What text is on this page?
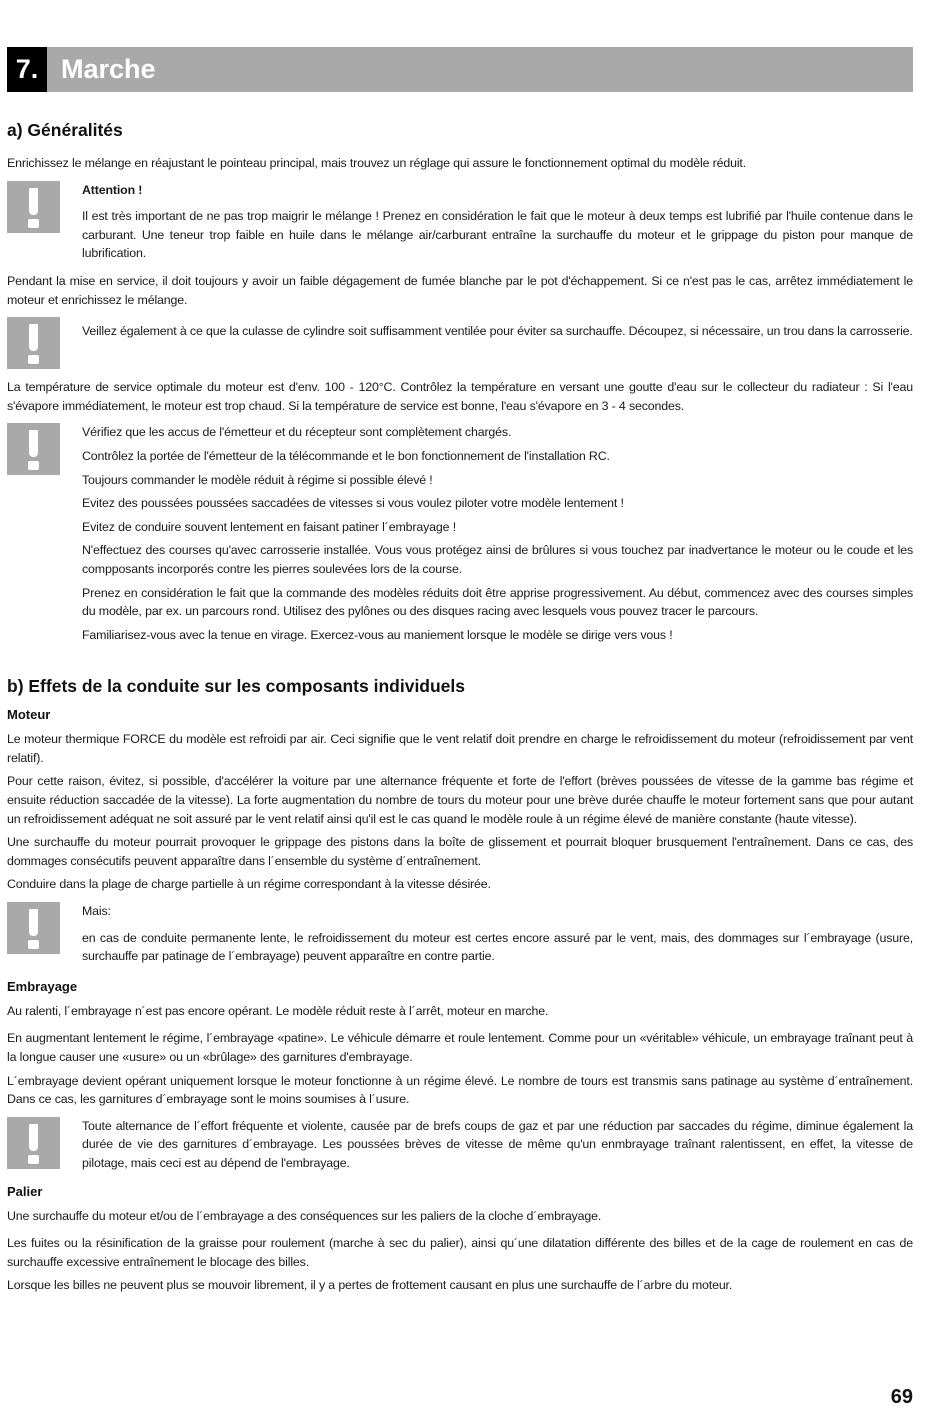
7. Marche
a) Généralités

Enrichissez le mélange en réajustant le pointeau principal, mais trouvez un réglage qui assure le fonctionnement optimal du modèle réduit.

Attention !

Il est très important de ne pas trop maigrir le mélange ! Prenez en considération le fait que le moteur à deux temps est lubrifié par l'huile contenue dans le carburant. Une teneur trop faible en huile dans le mélange air/carburant entraîne la surchauffe du moteur et le grippage du piston pour manque de lubrification.

Pendant la mise en service, il doit toujours y avoir un faible dégagement de fumée blanche par le pot d'échappement. Si ce n'est pas le cas, arrêtez immédiatement le moteur et enrichissez le mélange.

Veillez également à ce que la culasse de cylindre soit suffisamment ventilée pour éviter sa surchauffe. Découpez, si nécessaire, un trou dans la carrosserie.

La température de service optimale du moteur est d'env. 100 - 120°C. Contrôlez la température en versant une goutte d'eau sur le collecteur du radiateur : Si l'eau s'évapore immédiatement, le moteur est trop chaud. Si la température de service est bonne, l'eau s'évapore en 3 - 4 secondes.

Vérifiez que les accus de l'émetteur et du récepteur sont complètement chargés.

Contrôlez la portée de l'émetteur de la télécommande et le bon fonctionnement de l'installation RC.

Toujours commander le modèle réduit à régime si possible élevé !

Evitez des poussées poussées saccadées de vitesses si vous voulez piloter votre modèle lentement !

Evitez de conduire souvent lentement en faisant patiner l´embrayage !

N'effectuez des courses qu'avec carrosserie installée. Vous vous protégez ainsi de brûlures si vous touchez par inadvertance le moteur ou le coude et les compposants incorporés contre les pierres soulevées lors de la course.

Prenez en considération le fait que la commande des modèles réduits doit être apprise progressivement. Au début, commencez avec des courses simples du modèle, par ex. un parcours rond. Utilisez des pylônes ou des disques racing avec lesquels vous pouvez tracer le parcours.

Familiarisez-vous avec la tenue en virage. Exercez-vous au maniement lorsque le modèle se dirige vers vous !

b) Effets de la conduite sur les composants individuels
Moteur

Le moteur thermique FORCE du modèle est refroidi par air. Ceci signifie que le vent relatif doit prendre en charge le refroidissement du moteur (refroidissement par vent relatif).

Pour cette raison, évitez, si possible, d'accélérer la voiture par une alternance fréquente et forte de l'effort (brèves poussées de vitesse de la gamme bas régime et ensuite réduction saccadée de la vitesse). La forte augmentation du nombre de tours du moteur pour une brève durée chauffe le moteur fortement sans que pour autant un refroidissement adéquat ne soit assuré par le vent relatif ainsi qu'il est le cas quand le modèle roule à un régime élevé de manière constante (haute vitesse).

Une surchauffe du moteur pourrait provoquer le grippage des pistons dans la boîte de glissement et pourrait bloquer brusquement l'entraînement. Dans ce cas, des dommages consécutifs peuvent apparaître dans l´ensemble du système d´entraînement.

Conduire dans la plage de charge partielle à un régime correspondant à la vitesse désirée.

Mais:

en cas de conduite permanente lente, le refroidissement du moteur est certes encore assuré par le vent, mais, des dommages sur l´embrayage (usure, surchauffe par patinage de l´embrayage) peuvent apparaître en contre partie.

Embrayage

Au ralenti, l´embrayage n´est pas encore opérant. Le modèle réduit reste à l´arrêt, moteur en marche.

En augmentant lentement le régime, l´embrayage «patine». Le véhicule démarre et roule lentement. Comme pour un «véritable» véhicule, un embrayage traînant peut à la longue causer une «usure» ou un «brûlage» des garnitures d'embrayage.

L´embrayage devient opérant uniquement lorsque le moteur fonctionne à un régime élevé. Le nombre de tours est transmis sans patinage au système d´entraînement. Dans ce cas, les garnitures d´embrayage sont le moins soumises à l´usure.

Toute alternance de l´effort fréquente et violente, causée par de brefs coups de gaz et par une réduction par saccades du régime, diminue également la durée de vie des garnitures d´embrayage. Les poussées brèves de vitesse de même qu'un enmbrayage traînant ralentissent, en effet, la vitesse de pilotage, mais ceci est au dépend de l'embrayage.

Palier

Une surchauffe du moteur et/ou de l´embrayage a des conséquences sur les paliers de la cloche d´embrayage.

Les fuites ou la résinification de la graisse pour roulement (marche à sec du palier), ainsi qu´une dilatation différente des billes et de la cage de roulement en cas de surchauffe excessive entraînement le blocage des billes.

Lorsque les billes ne peuvent plus se mouvoir librement, il y a pertes de frottement causant en plus une surchauffe de l´arbre du moteur.

69
